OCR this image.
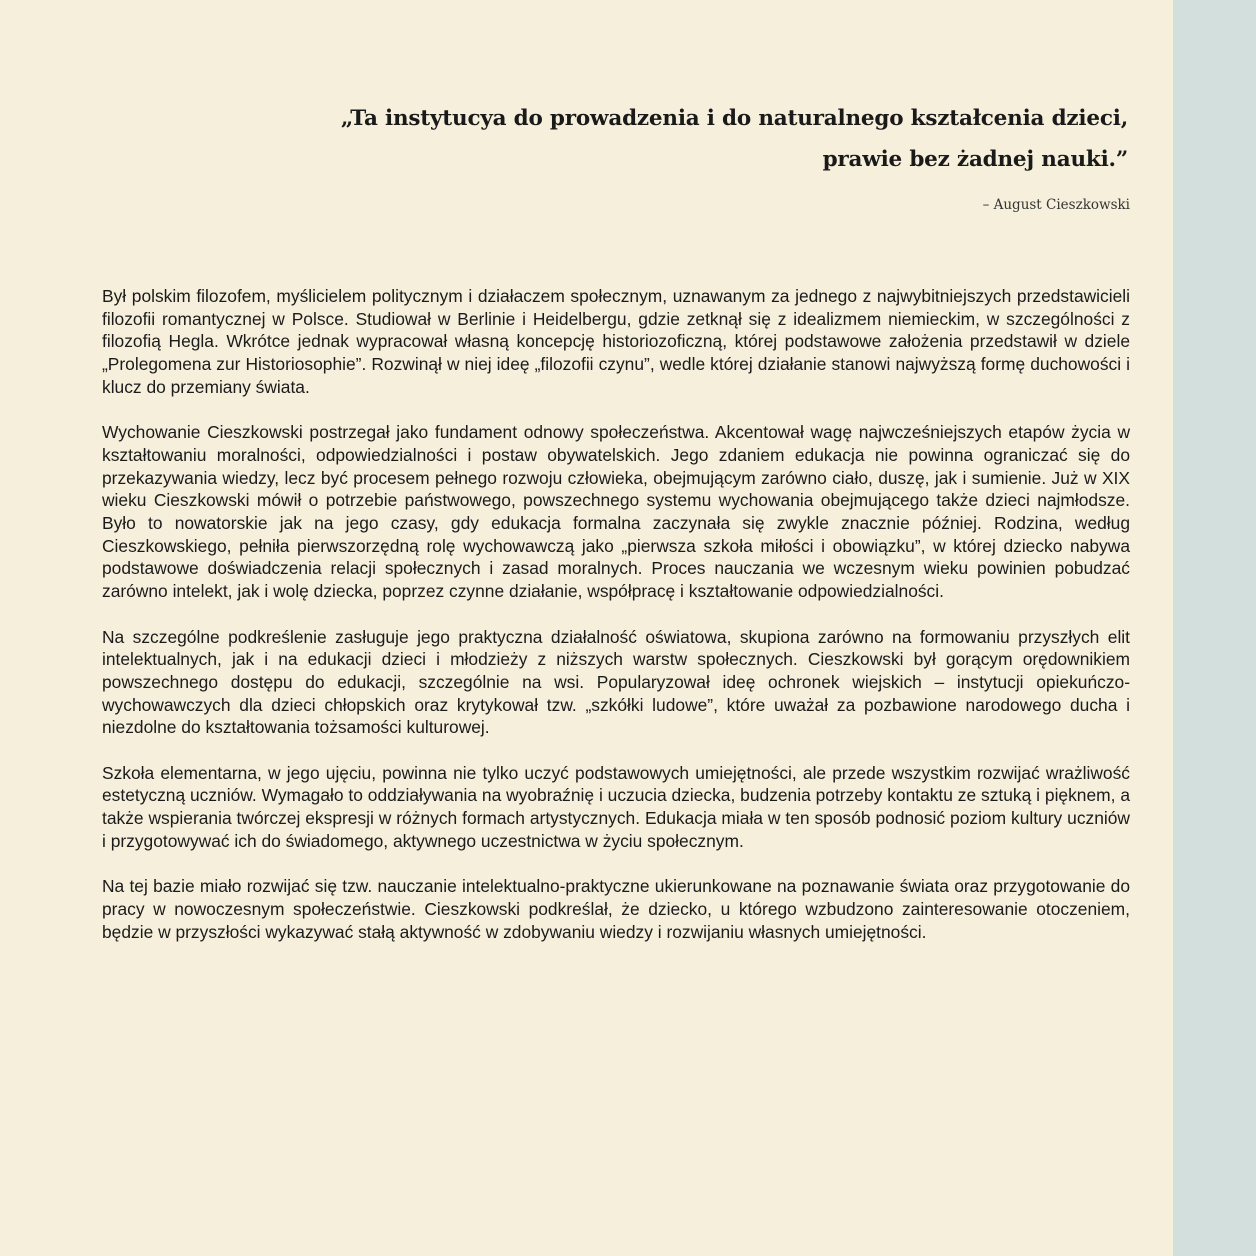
„Ta instytucya do prowadzenia i do naturalnego kształcenia dzieci,
prawie bez żadnej nauki.”
– August Cieszkowski

Był polskim filozofem, myślicielem politycznym i działaczem społecznym, uznawanym za jednego z najwybitniejszych przedstawicieli filozofii romantycznej w Polsce. Studiował w Berlinie i Heidelbergu, gdzie zetknął się z idealizmem niemieckim, w szczególności z filozofią Hegla. Wkrótce jednak wypracował własną koncepcję historiozoficzną, której podstawowe założenia przedstawił w dziele „Prolegomena zur Historiosophie”. Rozwinął w niej ideę „filozofii czynu”, wedle której działanie stanowi najwyższą formę duchowości i klucz do przemiany świata.

Wychowanie Cieszkowski postrzegał jako fundament odnowy społeczeństwa. Akcentował wagę najwcześniejszych etapów życia w kształtowaniu moralności, odpowiedzialności i postaw obywatelskich. Jego zdaniem edukacja nie powinna ograniczać się do przekazywania wiedzy, lecz być procesem pełnego rozwoju człowieka, obejmującym zarówno ciało, duszę, jak i sumienie. Już w XIX wieku Cieszkowski mówił o potrzebie państwowego, powszechnego systemu wychowania obejmującego także dzieci najmłodsze. Było to nowatorskie jak na jego czasy, gdy edukacja formalna zaczynała się zwykle znacznie później. Rodzina, według Cieszkowskiego, pełniła pierwszorzędną rolę wychowawczą jako „pierwsza szkoła miłości i obowiązku”, w której dziecko nabywa podstawowe doświadczenia relacji społecznych i zasad moralnych. Proces nauczania we wczesnym wieku powinien pobudzać zarówno intelekt, jak i wolę dziecka, poprzez czynne działanie, współpracę i kształtowanie odpowiedzialności.

Na szczególne podkreślenie zasługuje jego praktyczna działalność oświatowa, skupiona zarówno na formowaniu przyszłych elit intelektualnych, jak i na edukacji dzieci i młodzieży z niższych warstw społecznych. Cieszkowski był gorącym orędownikiem powszechnego dostępu do edukacji, szczególnie na wsi. Popularyzował ideę ochronek wiejskich – instytucji opiekuńczo-wychowawczych dla dzieci chłopskich oraz krytykował tzw. „szkółki ludowe”, które uważał za pozbawione narodowego ducha i niezdolne do kształtowania tożsamości kulturowej.

Szkoła elementarna, w jego ujęciu, powinna nie tylko uczyć podstawowych umiejętności, ale przede wszystkim rozwijać wrażliwość estetyczną uczniów. Wymagało to oddziaływania na wyobraźnię i uczucia dziecka, budzenia potrzeby kontaktu ze sztuką i pięknem, a także wspierania twórczej ekspresji w różnych formach artystycznych. Edukacja miała w ten sposób podnosić poziom kultury uczniów i przygotowywać ich do świadomego, aktywnego uczestnictwa w życiu społecznym.

Na tej bazie miało rozwijać się tzw. nauczanie intelektualno-praktyczne ukierunkowane na poznawanie świata oraz przygotowanie do pracy w nowoczesnym społeczeństwie. Cieszkowski podkreślał, że dziecko, u którego wzbudzono zainteresowanie otoczeniem, będzie w przyszłości wykazywać stałą aktywność w zdobywaniu wiedzy i rozwijaniu własnych umiejętności.
